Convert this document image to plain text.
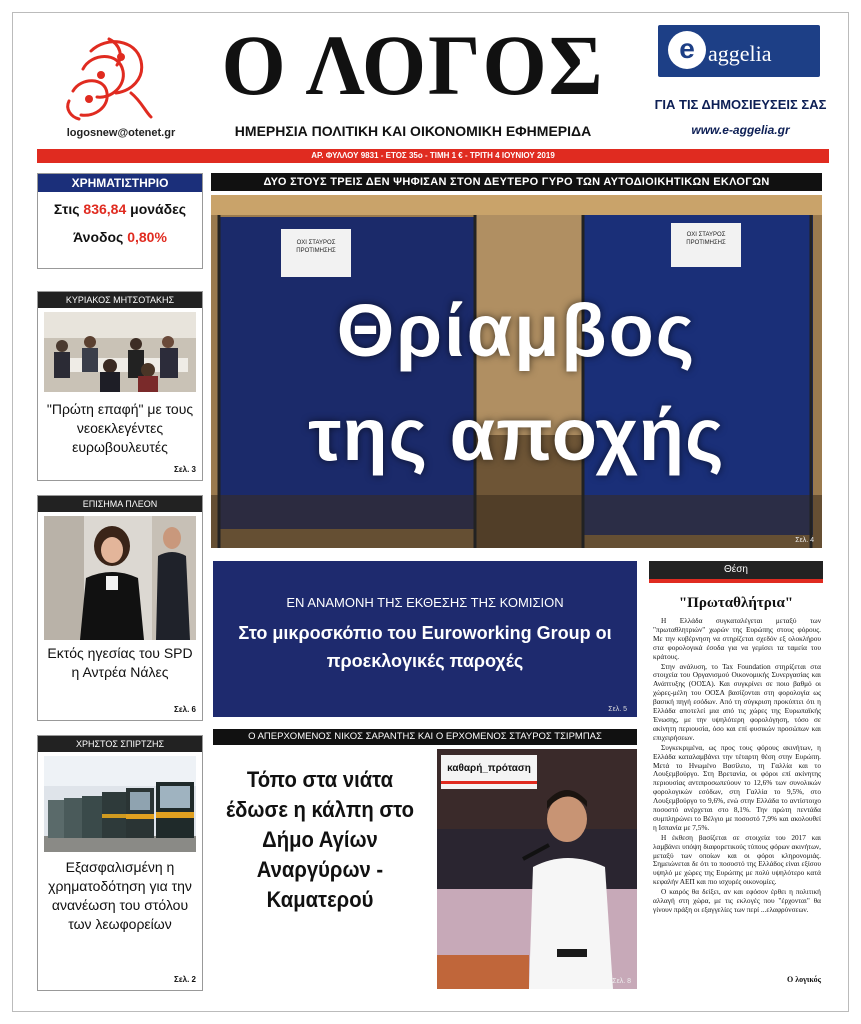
logosnew@otenet.gr
Ο ΛΟΓΟΣ
ΗΜΕΡΗΣΙΑ ΠΟΛΙΤΙΚΗ ΚΑΙ ΟΙΚΟΝΟΜΙΚΗ ΕΦΗΜΕΡΙΔΑ
e aggelia
ΓΙΑ ΤΙΣ ΔΗΜΟΣΙΕΥΣΕΙΣ ΣΑΣ
www.e-aggelia.gr
ΑΡ. ΦΥΛΛΟΥ 9831 - ΕΤΟΣ 35ο - ΤΙΜΗ 1 € - ΤΡΙΤΗ 4 ΙΟΥΝΙΟΥ 2019
ΧΡΗΜΑΤΙΣΤΗΡΙΟ
Στις 836,84 μονάδες
Άνοδος 0,80%
ΚΥΡΙΑΚΟΣ ΜΗΤΣΟΤΑΚΗΣ
"Πρώτη επαφή" με τους νεοεκλεγέντες ευρωβουλευτές
Σελ. 3
ΕΠΙΣΗΜΑ ΠΛΕΟΝ
Εκτός ηγεσίας του SPD η Αντρέα Νάλες
Σελ. 6
ΧΡΗΣΤΟΣ ΣΠΙΡΤΖΗΣ
Εξασφαλισμένη η χρηματοδότηση για την ανανέωση του στόλου των λεωφορείων
Σελ. 2
ΔΥΟ ΣΤΟΥΣ ΤΡΕΙΣ ΔΕΝ ΨΗΦΙΣΑΝ ΣΤΟΝ ΔΕΥΤΕΡΟ ΓΥΡΟ ΤΩΝ ΑΥΤΟΔΙΟΙΚΗΤΙΚΩΝ ΕΚΛΟΓΩΝ
ΟΧΙ ΣΤΑΥΡΟΣ ΠΡΟΤΙΜΗΣΗΣ
ΟΧΙ ΣΤΑΥΡΟΣ ΠΡΟΤΙΜΗΣΗΣ
Θρίαμβος
της αποχής
Σελ. 4
ΕΝ ΑΝΑΜΟΝΗ ΤΗΣ ΕΚΘΕΣΗΣ ΤΗΣ ΚΟΜΙΣΙΟΝ
Στο μικροσκόπιο του Euroworking Group οι προεκλογικές παροχές
Σελ. 5
Θέση
"Πρωταθλήτρια"

Η Ελλάδα συγκαταλέγεται μεταξύ των "πρωταθλητριών" χωρών της Ευρώπης στους φόρους. Με την κυβέρνηση να στηρίζεται σχεδόν εξ ολοκλήρου στα φορολογικά έσοδα για να γεμίσει τα ταμεία του κράτους.

Στην ανάλυση, το Tax Foundation στηρίζεται στα στοιχεία του Οργανισμού Οικονομικής Συνεργασίας και Ανάπτυξης (ΟΟΣΑ). Και συγκρίνει σε ποιο βαθμό οι χώρες-μέλη του ΟΟΣΑ βασίζονται στη φορολογία ως βασική πηγή εσόδων. Από τη σύγκριση προκύπτει ότι η Ελλάδα αποτελεί μια από τις χώρες της Ευρωπαϊκής Ένωσης, με την υψηλότερη φορολόγηση, τόσο σε ακίνητη περιουσία, όσο και επί φυσικών προσώπων και επιχειρήσεων.

Συγκεκριμένα, ως προς τους φόρους ακινήτων, η Ελλάδα καταλαμβάνει την τέταρτη θέση στην Ευρώπη. Μετά το Ηνωμένο Βασίλειο, τη Γαλλία και το Λουξεμβούργο. Στη Βρετανία, οι φόροι επί ακίνητης περιουσίας αντιπροσωπεύουν το 12,6% των συνολικών φορολογικών εσόδων, στη Γαλλία το 9,5%, στο Λουξεμβούργο το 9,6%, ενώ στην Ελλάδα το αντίστοιχο ποσοστό ανέρχεται στο 8,1%. Την πρώτη πεντάδα συμπληρώνει το Βέλγιο με ποσοστό 7,9% και ακολουθεί η Ισπανία με 7,5%.

Η έκθεση βασίζεται σε στοιχεία του 2017 και λαμβάνει υπόψη διαφορετικούς τύπους φόρων ακινήτων, μεταξύ των οποίων και οι φόροι κληρονομιάς. Σημειώνεται δε ότι το ποσοστό της Ελλάδος είναι εξίσου υψηλό με χώρες της Ευρώπης με πολύ υψηλότερο κατά κεφαλήν ΑΕΠ και πιο ισχυρές οικονομίες.

Ο καιρός θα δείξει, αν και εφόσον έρθει η πολιτική αλλαγή στη χώρα, με τις εκλογές που "έρχονται" θα γίνουν πράξη οι εξαγγελίες των περί ...ελαφρύνσεων.

Ο λογικός
Ο ΑΠΕΡΧΟΜΕΝΟΣ ΝΙΚΟΣ ΣΑΡΑΝΤΗΣ ΚΑΙ Ο ΕΡΧΟΜΕΝΟΣ ΣΤΑΥΡΟΣ ΤΣΙΡΜΠΑΣ
Τόπο στα νιάτα έδωσε η κάλπη στο Δήμο Αγίων Αναργύρων - Καματερού
καθαρή_πρόταση
Σελ. 8
